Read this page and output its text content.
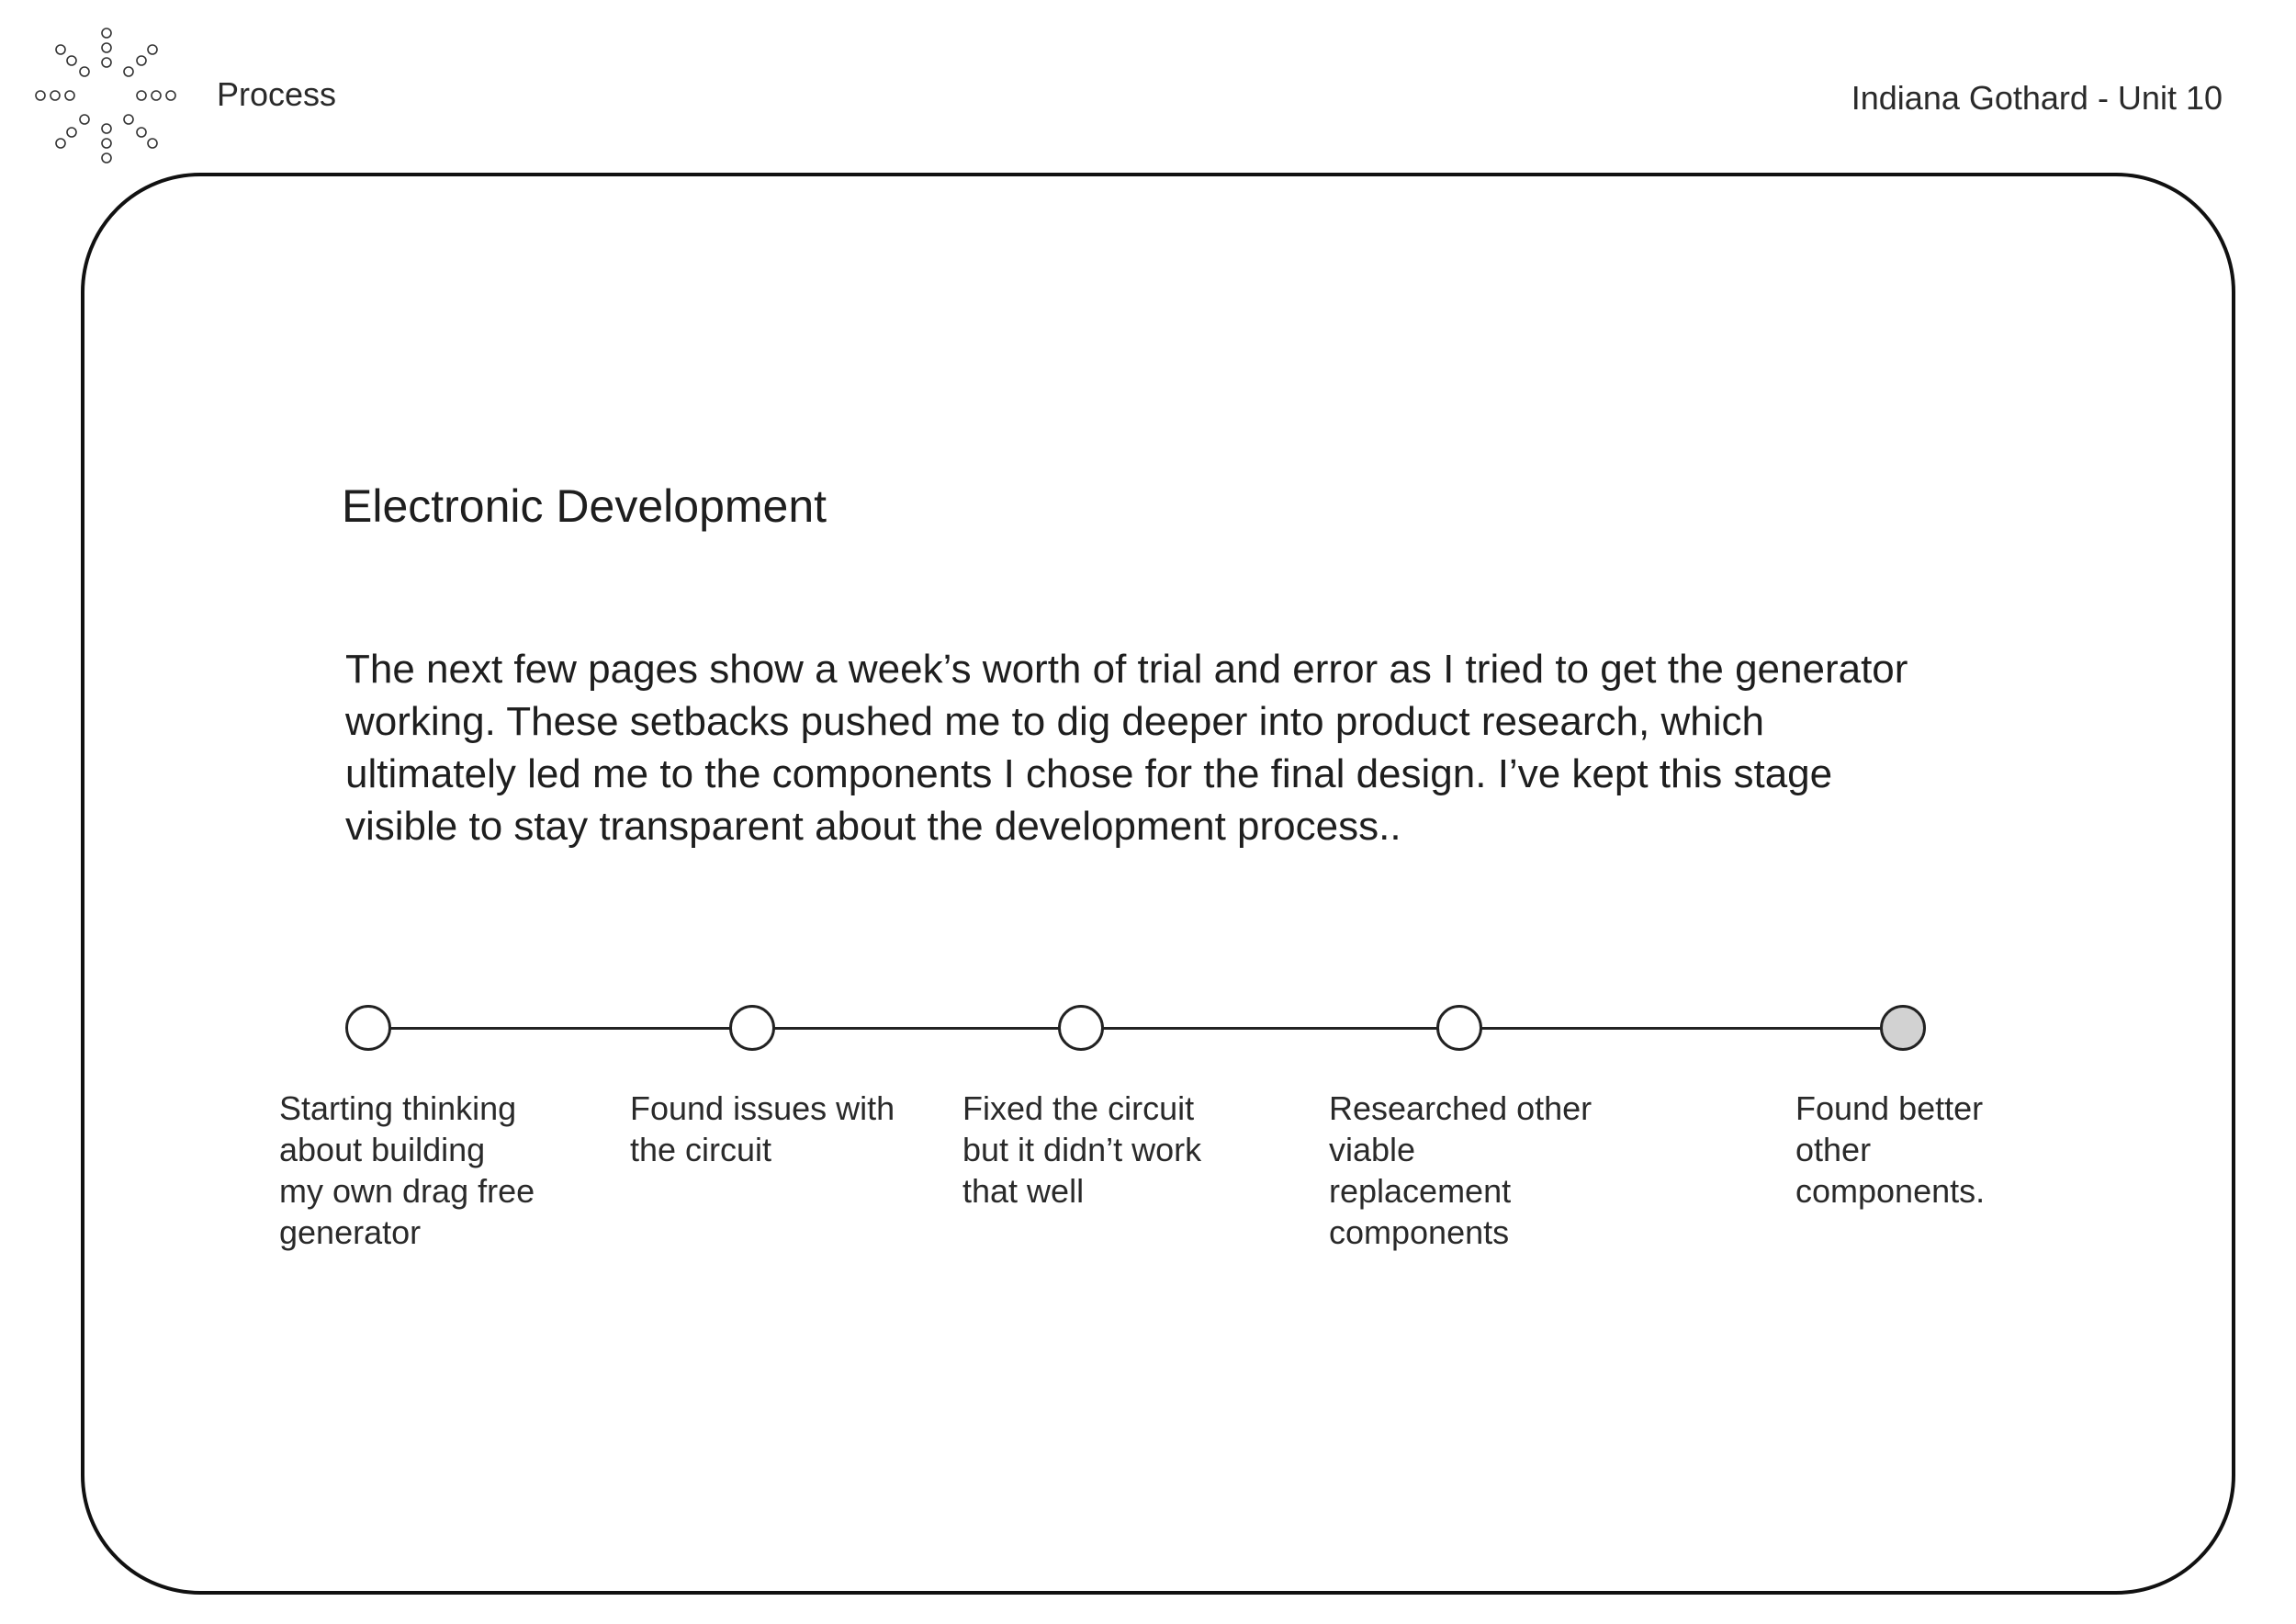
Process	Indiana Gothard - Unit 10
Electronic Development

The next few pages show a week’s worth of trial and error as I tried to get the generator working. These setbacks pushed me to dig deeper into product research, which ultimately led me to the components I chose for the final design. I’ve kept this stage visible to stay transparent about the development process..

Starting thinking
about building
my own drag free
generator
Found issues with
the circuit
Fixed the circuit
but it didn’t work
that well
Researched other
viable replacement
components
Found better
other
components.
